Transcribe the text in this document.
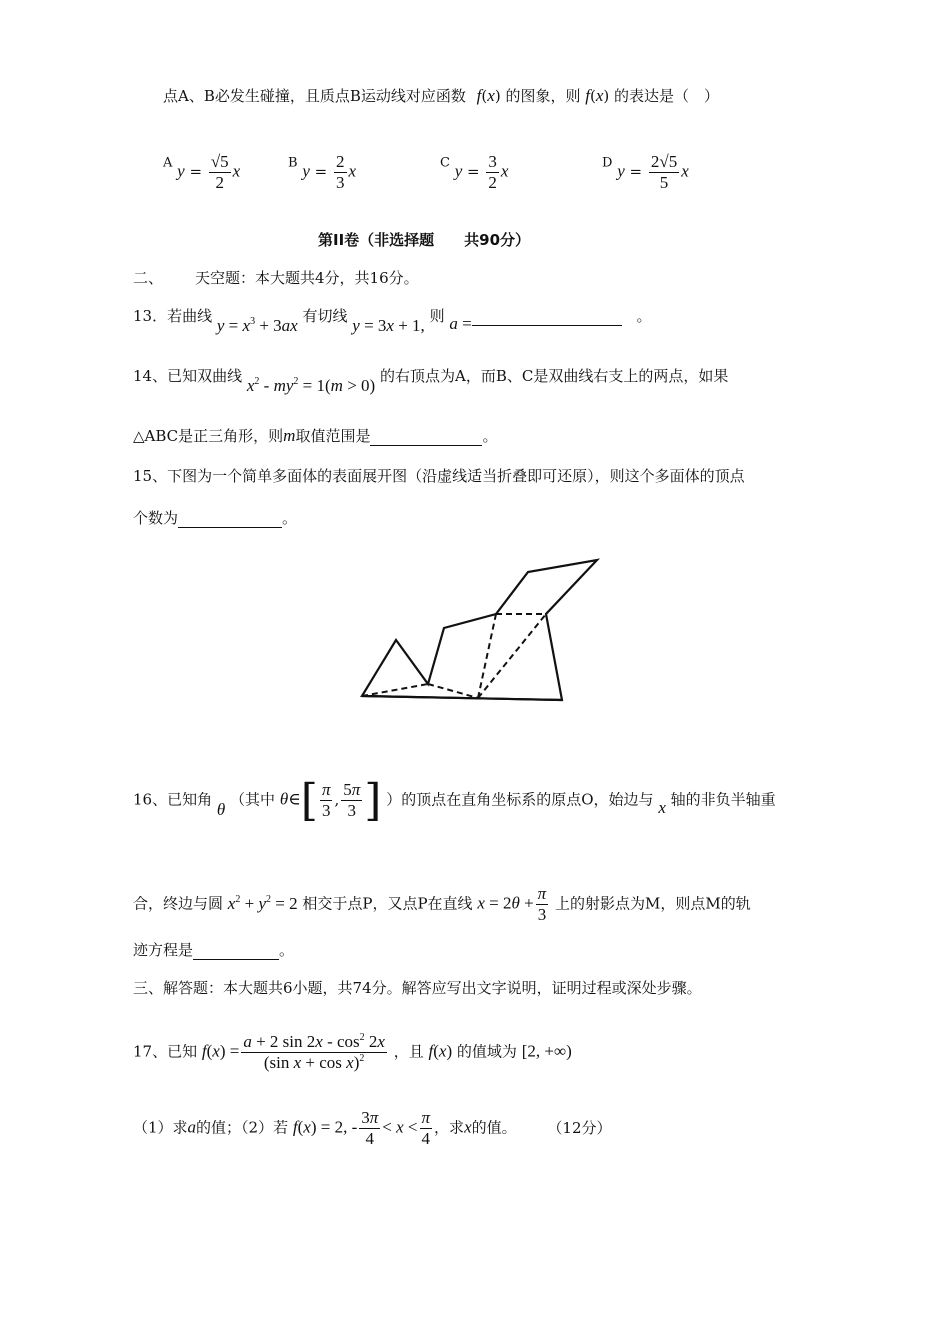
点A、B必发生碰撞，且质点B运动线对应函数 f(x) 的图象，则 f(x) 的表达是（　）
A $y = \frac{√5}{2}$ x	B $y = \frac{2}{3}$ x	C $y = \frac{3}{2}$ x	D $y = \frac{2√5}{5}$ x
第II卷（非选择题　　共90分）
二、 天空题：本大题共4分，共16分。
13．若曲线 $y = x^3 + 3ax$ 有切线 y = 3x + 1, 则 a =	。
14、已知双曲线 $x^2 - my^2 = 1(m > 0)$ 的右顶点为A，而B、C是双曲线右支上的两点，如果
△ABC是正三角形，则m取值范围是	。
15、下图为一个简单多面体的表面展开图（沿虚线适当折叠即可还原），则这个多面体的顶点
个数为	。
16、已知角 θ （其中 θ∈[ $\frac{\pi}{3}$ , $\frac{5\pi}{3}$ ] ）的顶点在直角坐标系的原点O，始边与 x 轴的非负半轴重
合，终边与圆 $x^2 + y^2 = 2$ 相交于点P，又点P在直线 $x = 2\theta + \frac{\pi}{3}$ 上的射影点为M，则点M的轨
迹方程是	。
三、解答题：本大题共6小题，共74分。解答应写出文字说明，证明过程或深处步骤。
17、已知 $f(x) = \frac{a + 2 \sin 2x - \cos^2 2x}{(\sin x + \cos x)^2}$ ，且 f(x) 的值域为 [2, +∞)
（1）求a的值；（2）若 f(x) = 2, - $\frac{3\pi}{4} < x < \frac{\pi}{4}$ ，求x的值。 （12分）
